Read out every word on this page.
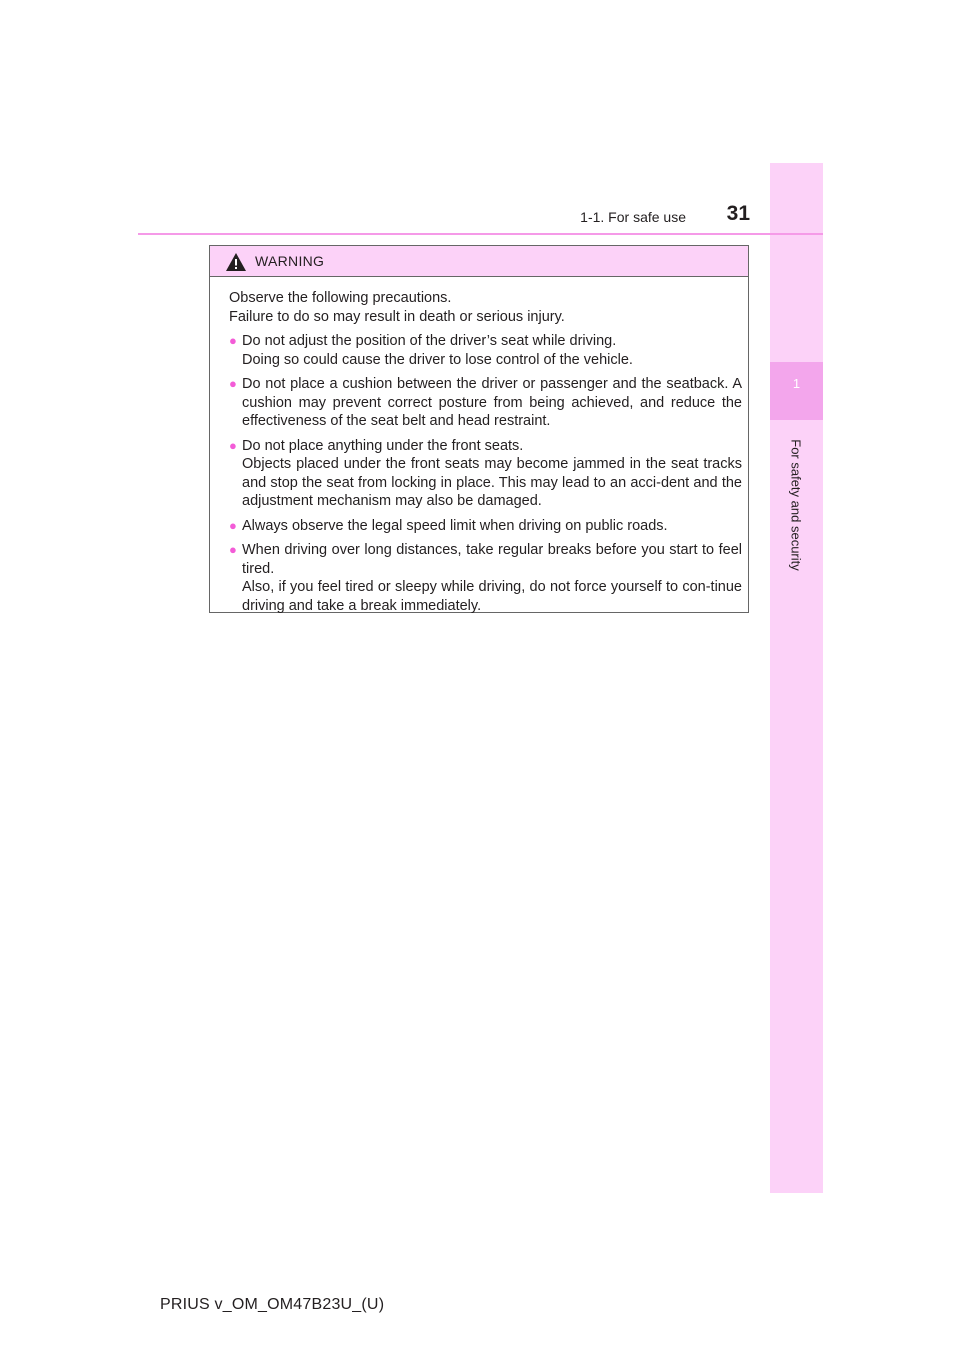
1
For safety and security
1-1. For safe use	31
WARNING

Observe the following precautions.

Failure to do so may result in death or serious injury.

● Do not adjust the position of the driver’s seat while driving.

Doing so could cause the driver to lose control of the vehicle.

● Do not place a cushion between the driver or passenger and the seatback. A cushion may prevent correct posture from being achieved, and reduce the effectiveness of the seat belt and head restraint.

● Do not place anything under the front seats.

Objects placed under the front seats may become jammed in the seat tracks and stop the seat from locking in place. This may lead to an acci-dent and the adjustment mechanism may also be damaged.

● Always observe the legal speed limit when driving on public roads.

● When driving over long distances, take regular breaks before you start to feel tired.

Also, if you feel tired or sleepy while driving, do not force yourself to con-tinue driving and take a break immediately.

PRIUS v_OM_OM47B23U_(U)
